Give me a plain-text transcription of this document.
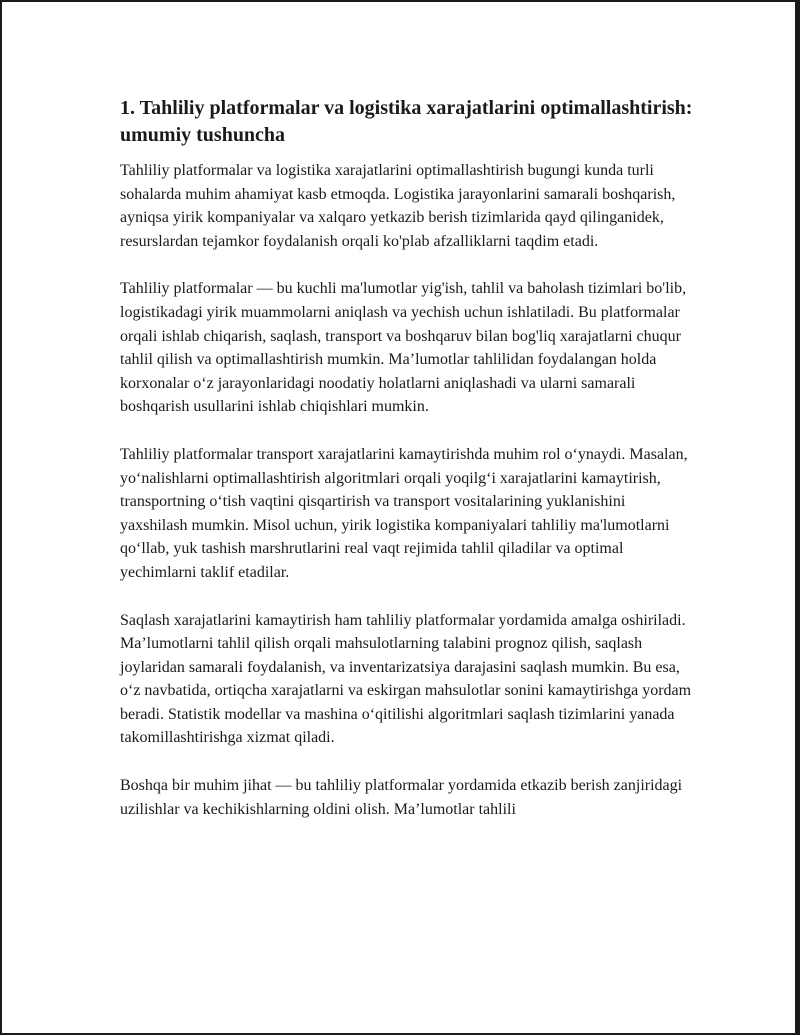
1. Tahliliy platformalar va logistika xarajatlarini optimallashtirish: umumiy tushuncha

Tahliliy platformalar va logistika xarajatlarini optimallashtirish bugungi kunda turli sohalarda muhim ahamiyat kasb etmoqda. Logistika jarayonlarini samarali boshqarish, ayniqsa yirik kompaniyalar va xalqaro yetkazib berish tizimlarida qayd qilinganidek, resurslardan tejamkor foydalanish orqali ko'plab afzalliklarni taqdim etadi.

Tahliliy platformalar — bu kuchli ma'lumotlar yig'ish, tahlil va baholash tizimlari bo'lib, logistikadagi yirik muammolarni aniqlash va yechish uchun ishlatiladi. Bu platformalar orqali ishlab chiqarish, saqlash, transport va boshqaruv bilan bog'liq xarajatlarni chuqur tahlil qilish va optimallashtirish mumkin. Ma’lumotlar tahlilidan foydalangan holda korxonalar o‘z jarayonlaridagi noodatiy holatlarni aniqlashadi va ularni samarali boshqarish usullarini ishlab chiqishlari mumkin.

Tahliliy platformalar transport xarajatlarini kamaytirishda muhim rol o‘ynaydi. Masalan, yo‘nalishlarni optimallashtirish algoritmlari orqali yoqilg‘i xarajatlarini kamaytirish, transportning o‘tish vaqtini qisqartirish va transport vositalarining yuklanishini yaxshilash mumkin. Misol uchun, yirik logistika kompaniyalari tahliliy ma'lumotlarni qo‘llab, yuk tashish marshrutlarini real vaqt rejimida tahlil qiladilar va optimal yechimlarni taklif etadilar.

Saqlash xarajatlarini kamaytirish ham tahliliy platformalar yordamida amalga oshiriladi. Ma’lumotlarni tahlil qilish orqali mahsulotlarning talabini prognoz qilish, saqlash joylaridan samarali foydalanish, va inventarizatsiya darajasini saqlash mumkin. Bu esa, o‘z navbatida, ortiqcha xarajatlarni va eskirgan mahsulotlar sonini kamaytirishga yordam beradi. Statistik modellar va mashina o‘qitilishi algoritmlari saqlash tizimlarini yanada takomillashtirishga xizmat qiladi.

Boshqa bir muhim jihat — bu tahliliy platformalar yordamida etkazib berish zanjiridagi uzilishlar va kechikishlarning oldini olish. Ma’lumotlar tahlili
